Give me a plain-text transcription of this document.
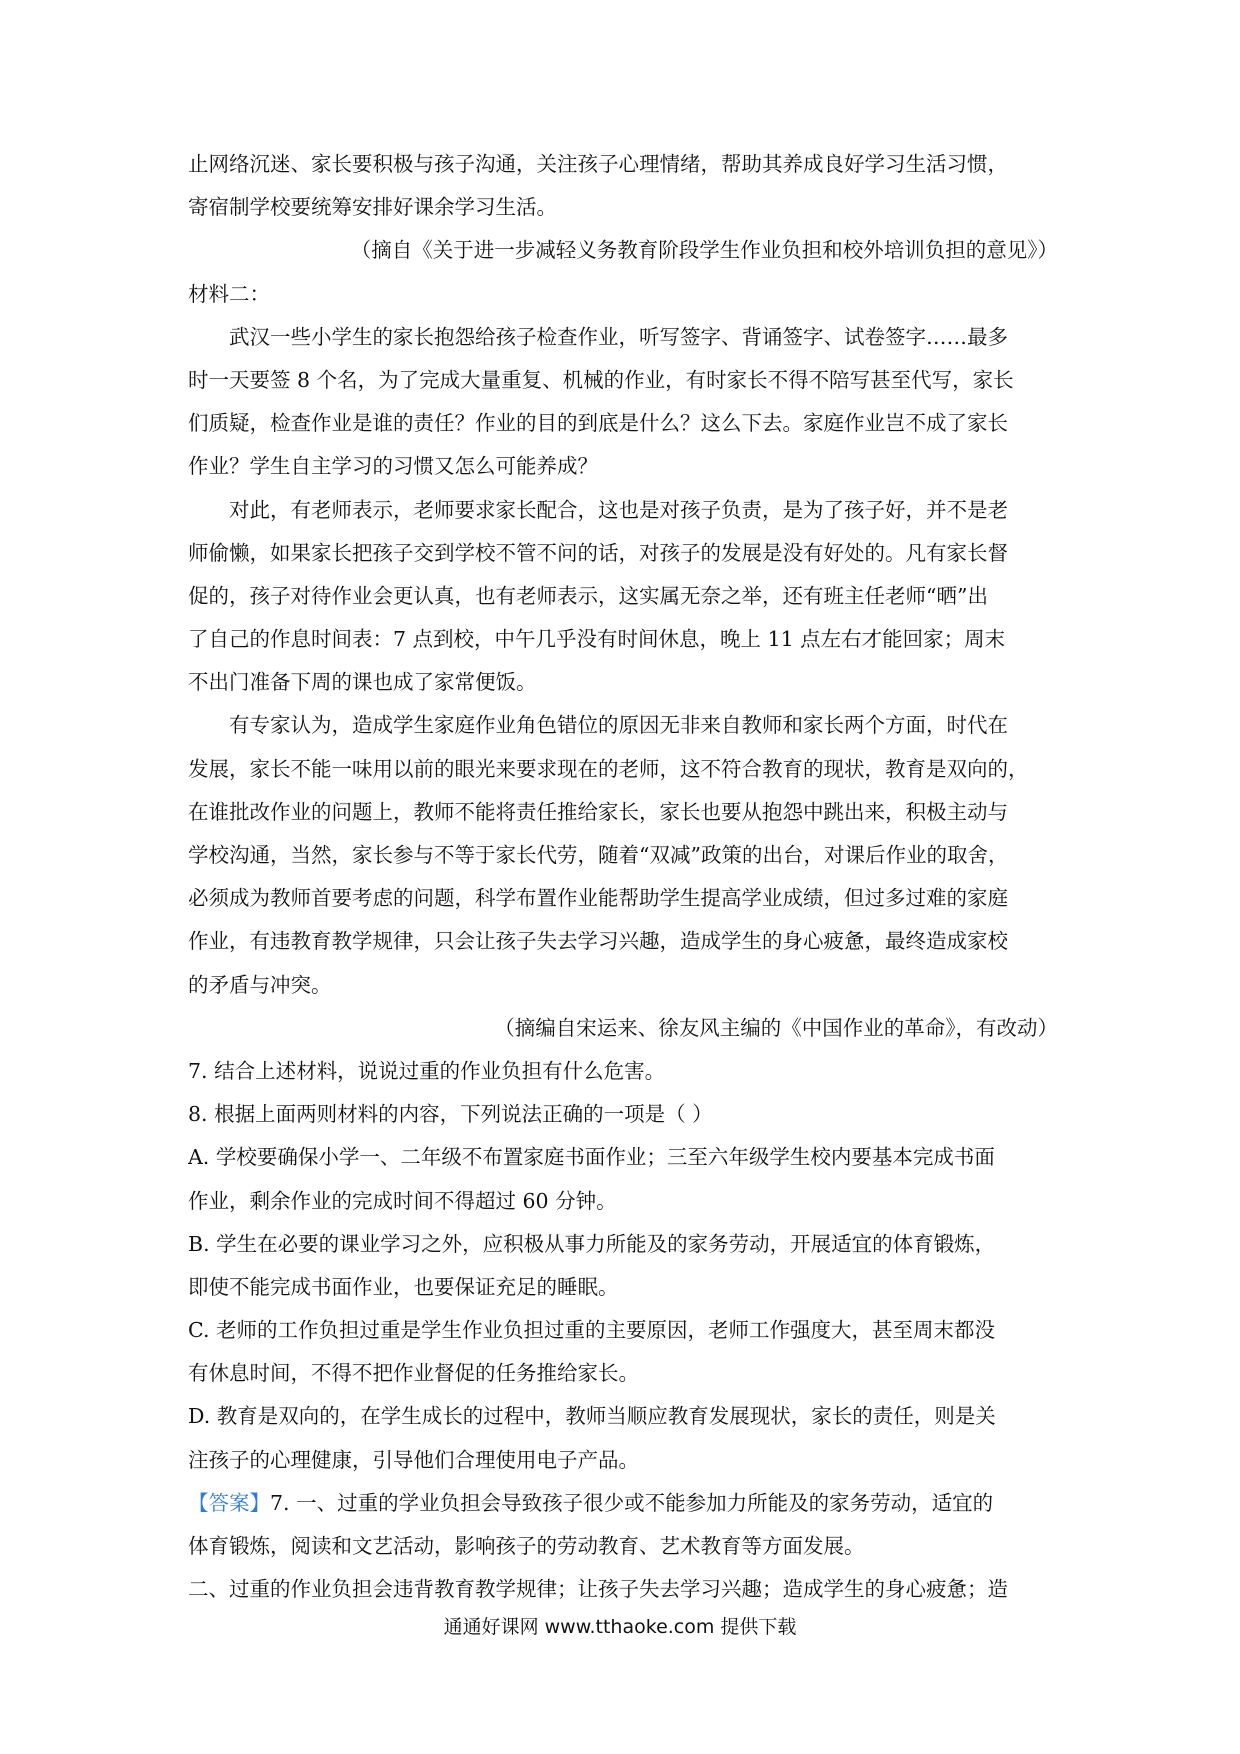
止网络沉迷、家长要积极与孩子沟通，关注孩子心理情绪，帮助其养成良好学习生活习惯，
寄宿制学校要统筹安排好课余学习生活。
（摘自《关于进一步减轻义务教育阶段学生作业负担和校外培训负担的意见》）
材料二：
武汉一些小学生的家长抱怨给孩子检查作业，听写签字、背诵签字、试卷签字……最多
时一天要签 8 个名，为了完成大量重复、机械的作业，有时家长不得不陪写甚至代写，家长
们质疑，检查作业是谁的责任？作业的目的到底是什么？这么下去。家庭作业岂不成了家长
作业？学生自主学习的习惯又怎么可能养成？
对此，有老师表示，老师要求家长配合，这也是对孩子负责，是为了孩子好，并不是老
师偷懒，如果家长把孩子交到学校不管不问的话，对孩子的发展是没有好处的。凡有家长督
促的，孩子对待作业会更认真，也有老师表示，这实属无奈之举，还有班主任老师“晒”出
了自己的作息时间表：7 点到校，中午几乎没有时间休息，晚上 11 点左右才能回家；周末
不出门准备下周的课也成了家常便饭。
有专家认为，造成学生家庭作业角色错位的原因无非来自教师和家长两个方面，时代在
发展，家长不能一味用以前的眼光来要求现在的老师，这不符合教育的现状，教育是双向的，
在谁批改作业的问题上，教师不能将责任推给家长，家长也要从抱怨中跳出来，积极主动与
学校沟通，当然，家长参与不等于家长代劳，随着“双减”政策的出台，对课后作业的取舍，
必须成为教师首要考虑的问题，科学布置作业能帮助学生提高学业成绩，但过多过难的家庭
作业，有违教育教学规律，只会让孩子失去学习兴趣，造成学生的身心疲惫，最终造成家校
的矛盾与冲突。
（摘编自宋运来、徐友风主编的《中国作业的革命》，有改动）
7. 结合上述材料，说说过重的作业负担有什么危害。
8. 根据上面两则材料的内容，下列说法正确的一项是（ ）
A. 学校要确保小学一、二年级不布置家庭书面作业；三至六年级学生校内要基本完成书面
作业，剩余作业的完成时间不得超过 60 分钟。
B. 学生在必要的课业学习之外，应积极从事力所能及的家务劳动，开展适宜的体育锻炼，
即使不能完成书面作业，也要保证充足的睡眠。
C. 老师的工作负担过重是学生作业负担过重的主要原因，老师工作强度大，甚至周末都没
有休息时间，不得不把作业督促的任务推给家长。
D. 教育是双向的，在学生成长的过程中，教师当顺应教育发展现状，家长的责任，则是关
注孩子的心理健康，引导他们合理使用电子产品。
【答案】7. 一、过重的学业负担会导致孩子很少或不能参加力所能及的家务劳动，适宜的
体育锻炼，阅读和文艺活动，影响孩子的劳动教育、艺术教育等方面发展。
二、过重的作业负担会违背教育教学规律；让孩子失去学习兴趣；造成学生的身心疲惫；造
通通好课网 www.tthaoke.com 提供下载
